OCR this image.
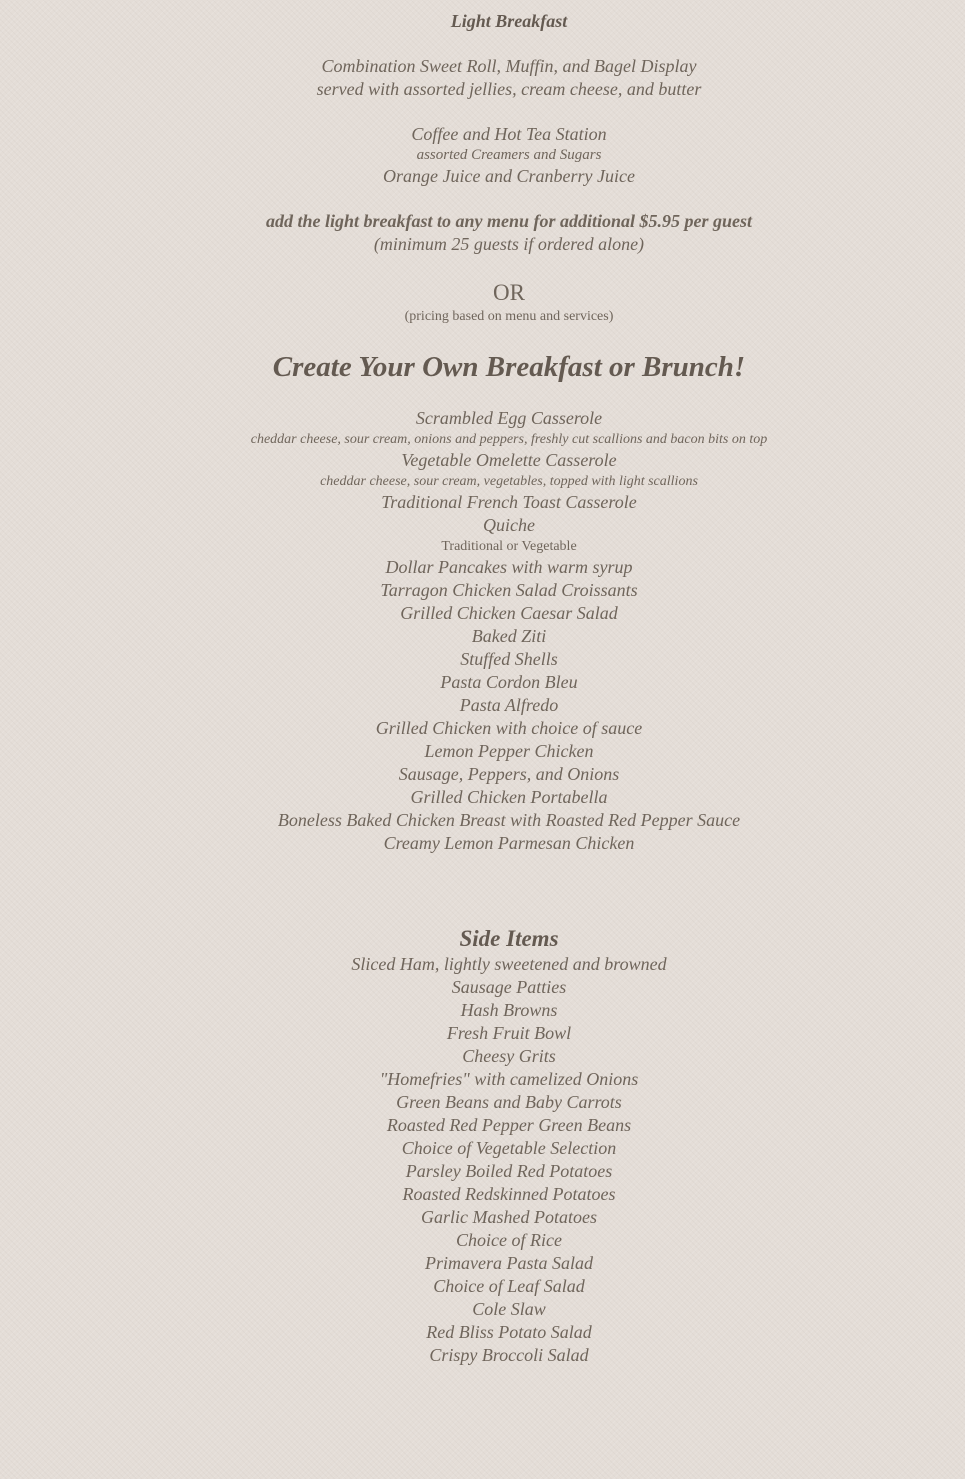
Light Breakfast
Combination Sweet Roll, Muffin, and Bagel Display
served with assorted jellies, cream cheese, and butter
Coffee and Hot Tea Station
assorted Creamers and Sugars
Orange Juice and Cranberry Juice
add the light breakfast to any menu for additional $5.95 per guest
(minimum 25 guests if ordered alone)
OR
(pricing based on menu and services)
Create Your Own Breakfast or Brunch!
Scrambled Egg Casserole
cheddar cheese, sour cream, onions and peppers, freshly cut scallions and bacon bits on top
Vegetable Omelette Casserole
cheddar cheese, sour cream, vegetables, topped with light scallions
Traditional French Toast Casserole
Quiche
Traditional or Vegetable
Dollar Pancakes with warm syrup
Tarragon Chicken Salad Croissants
Grilled Chicken Caesar Salad
Baked Ziti
Stuffed Shells
Pasta Cordon Bleu
Pasta Alfredo
Grilled Chicken with choice of sauce
Lemon Pepper Chicken
Sausage, Peppers, and Onions
Grilled Chicken Portabella
Boneless Baked Chicken Breast with Roasted Red Pepper Sauce
Creamy Lemon Parmesan Chicken
Side Items
Sliced Ham, lightly sweetened and browned
Sausage Patties
Hash Browns
Fresh Fruit Bowl
Cheesy Grits
"Homefries" with camelized Onions
Green Beans and Baby Carrots
Roasted Red Pepper Green Beans
Choice of Vegetable Selection
Parsley Boiled Red Potatoes
Roasted Redskinned Potatoes
Garlic Mashed Potatoes
Choice of Rice
Primavera Pasta Salad
Choice of Leaf Salad
Cole Slaw
Red Bliss Potato Salad
Crispy Broccoli Salad
